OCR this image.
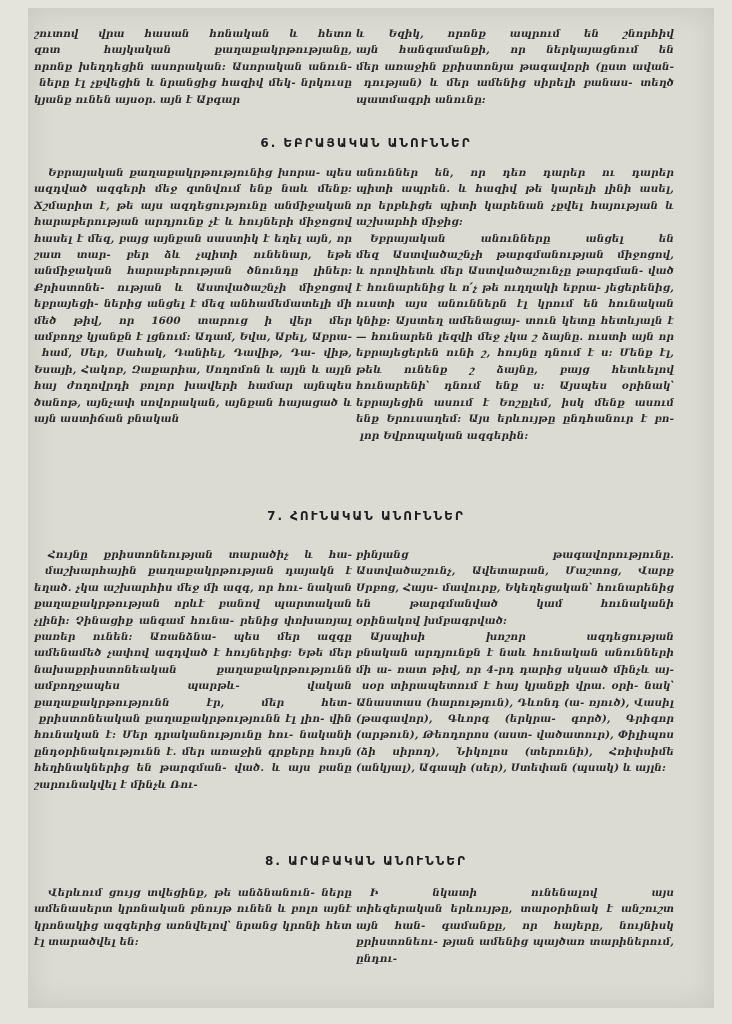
շուտով վրա հասան հոնական և հետո զոտ հայկական քաղաքակրթությանը, որոնք խեղդեցին ասորական: Ասորական անուն- ները էլ չքվեցին և նրանցից հազիվ մեկ- նրկուսը կյանք ունեն այսօր. այն է Աբգար

և Եզիկ, որոնք ապրում են շնորհիվ այն հանգամանքի, որ ներկայացնում են մեր առաջին քրիստոնյա թագավորի (ըստ ավան- դության) և մեր ամենից սիրելի բանաս- տեղծ պատմագրի անունը:

6. ԵԲՐԱՅԱԿԱՆ ԱՆՈՒՆՆԵՐ

Եբրայական քաղաքակրթությունից խորա- պես ազդված ազգերի մեջ զտնվում ենք նաև մենք: Ճշմարիտ է, թե այս ազդեցությունը անմիջական հարաբերության արդյունք չէ և հույների միջոցով հասել է մեզ, բայց այնքան սաստիկ է եղել այն, որ շատ տար- բեր ձև չպիտի ունենար, եթե անմիջական հարաբերության ծնունդը լիներ: Քրիստոնե- ության և Աստվածաշնչի միջոցով եբրայեցի- ներից անցել է մեզ անհամեմատելի մի մեծ թիվ, որ 1600 տարուց ի վեր մեր ամբողջ կյանքն է լցնում: Ադամ, Եվա, Աբել, Աբրա- համ, Սեր, Սահակ, Դանիել, Դավիթ, Դա- վիթ, Եսայի, Հակոբ, Զաքարիա, Սողոմոն և այլն և այլն հայ ժողովրդի բոլոր խավերի համար այնպես ծանոթ, այնչափ սովորական, այնքան հայացած և այն աստիճան բնական

անուններ են, որ դեռ դարեր ու դարեր պիտի ապրեն. և հազիվ թե կարելի լինի ասել, որ երբևիցե պիտի կարենան չքվել հայության և աշխարհի միջից:

Եբրայական անունները անցել են մեզ Աստվածաշնչի թարգմանության միջոցով, և որովհետև մեր Աստվածաշունչը թարգման- ված է հունարենից և ո՛չ թե ուղղակի եբրա- յեցերենից, ուստի այս անուններն էլ կրում են հունական կնիք: Այստեղ ամենացայ- տուն կետը հետևյալն է— հունարեն լեզվի մեջ չկա շ ձայնը. ուստի այն որ եբրայեցերեն ունի շ, հույնը դնում է ս: Մենք էլ, թեև ունենք շ ձայնը, բայց հետևելով հունարենի՝ դնում ենք ս: Այսպես օրինակ՝ եբրայեցին ասում է Եոշըլեմ, իսկ մենք ասում ենք Երուսաղեմ: Այս երևույթը ընդհանուր է բո- լոր Եվրոպական ազգերին:

7. ՀՈՒՆԱԿԱՆ ԱՆՈՒՆՆԵՐ

Հույնը քրիստոնեության տարածիչ և հա- մաշխարհային քաղաքակրթության դայակն է եղած. չկա աշխարհիս մեջ մի ազգ, որ հու- նական քաղաքակրթության որևէ բանով պարտական չլինի: Չինացիք անգամ հունա- րենից փոխառյալ բառեր ունեն: Առանձնա- պես մեր ազգը ամենամեծ չափով ազդված է հույներից: Եթե մեր նախաքրիստոնեական քաղաքակրթությունն ամբողջապես պարթև- վական քաղաքակրթությունն էր, մեր հետ- քրիստոնեական քաղաքակրթությունն էլ լիո- վին հունական է: Մեր դրականությունը հու- նականի ընդօրինակությունն է. մեր առաջին գրքերը հույն հեղինակներից են թարգման- ված. և այս բանը շարունակվել է մինչև Ռու-

բինյանց թագավորությունը. Աստվածաշունչ, Ավետարան, Մաշտոց, Վարք Սրբոց, Հայս- մավուրք, Եկեղեցական՝ հունարենից են թարգմանված կամ հունականի օրինակով խմբագրված:

Այսպիսի խոշոր ազդեցության բնական արդյունքն է նաև հունական անունների մի ա- ռատ թիվ, որ 4-րդ դարից սկսած մինչև այ- սօր տիրապետում է հայ կյանքի վրա. օրի- նակ՝ Անաստաս (հարություն), Դևոնդ (ա- ռյուծ), Վասիլ (թագավոր), Գևորգ (երկրա- գործ), Գրիգոր (արթուն), Թեոդորոս (աստ- վածատուր), Փիլիպոս (ձի սիրող), Նիկոլոս (տերունի), Հռիփսիմե (անկյալ), Ագապի (սեր), Ստեփան (պսակ) և այլն:

8. ԱՐԱԲԱԿԱՆ ԱՆՈՒՆՆԵՐ

Վերևում ցույց տվեցինք, թե անձնանուն- ները ամենասերտ կրոնական բնույթ ունեն և բոլո այնէ կրոնակից ազգերից առնվելով՝ նրանց կրոնի հետ էլ տարածվել են:

Ի նկատի ունենալով այս տիեզերական երևույթը, տարօրինակ է անշուշտ այն հան- գամանքը, որ հայերը, նույնիսկ քրիստոնեու- թյան ամենից պայծառ տարիներում, ընդու-
